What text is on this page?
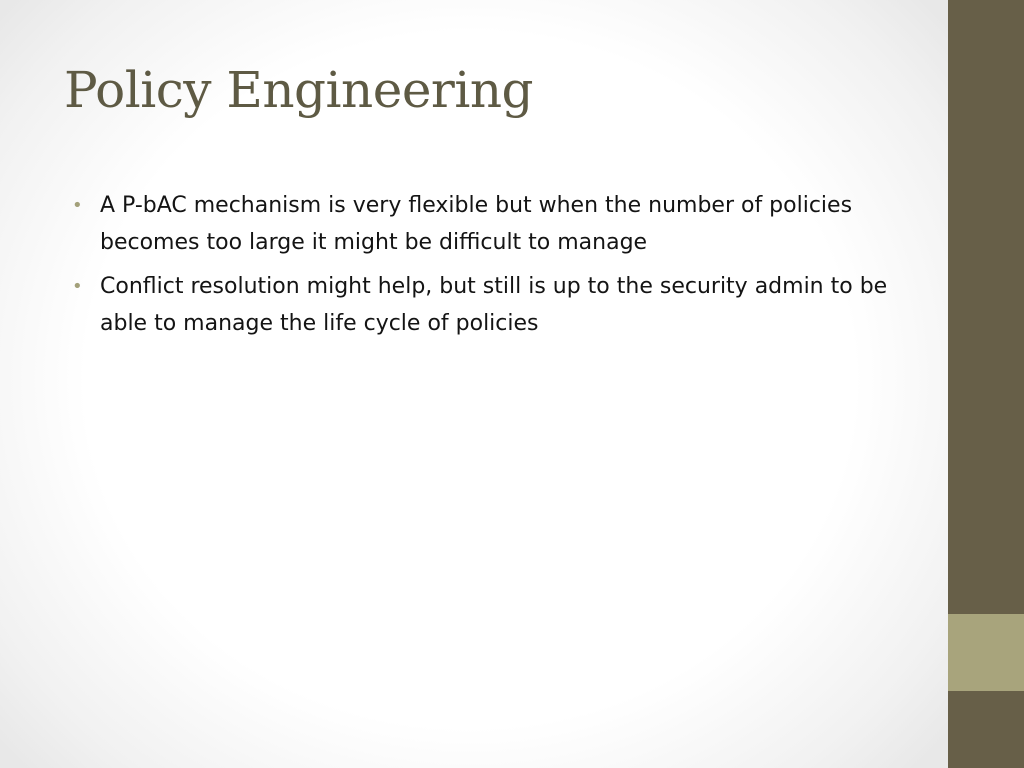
Policy Engineering
• A P-bAC mechanism is very flexible but when the number of policies becomes too large it might be difficult to manage
• Conflict resolution might help, but still is up to the security admin to be able to manage the life cycle of policies
